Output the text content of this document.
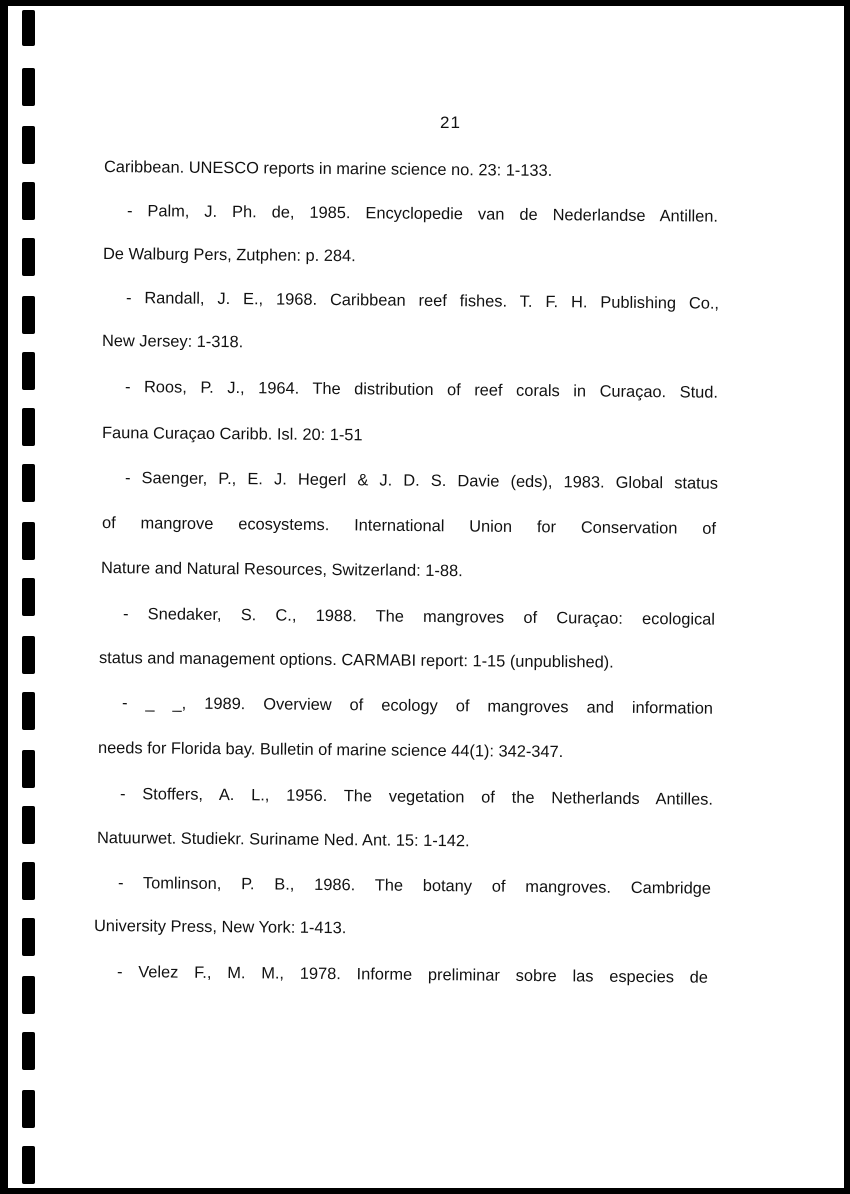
21
Caribbean. UNESCO reports in marine science no. 23: 1-133.
- Palm, J. Ph. de, 1985. Encyclopedie van de Nederlandse Antillen.
De Walburg Pers, Zutphen: p. 284.
- Randall, J. E., 1968. Caribbean reef fishes. T. F. H. Publishing Co.,
New Jersey: 1-318.
- Roos, P. J., 1964. The distribution of reef corals in Curaçao. Stud.
Fauna Curaçao Caribb. Isl. 20: 1-51
- Saenger, P., E. J. Hegerl & J. D. S. Davie (eds), 1983. Global status
of mangrove ecosystems. International Union for Conservation of
Nature and Natural Resources, Switzerland: 1-88.
- Snedaker, S. C., 1988. The mangroves of Curaçao: ecological
status and management options. CARMABI report: 1-15 (unpublished).
- _ _, 1989. Overview of ecology of mangroves and information
needs for Florida bay. Bulletin of marine science 44(1): 342-347.
- Stoffers, A. L., 1956. The vegetation of the Netherlands Antilles.
Natuurwet. Studiekr. Suriname Ned. Ant. 15: 1-142.
- Tomlinson, P. B., 1986. The botany of mangroves. Cambridge
University Press, New York: 1-413.
- Velez F., M. M., 1978. Informe preliminar sobre las especies de
